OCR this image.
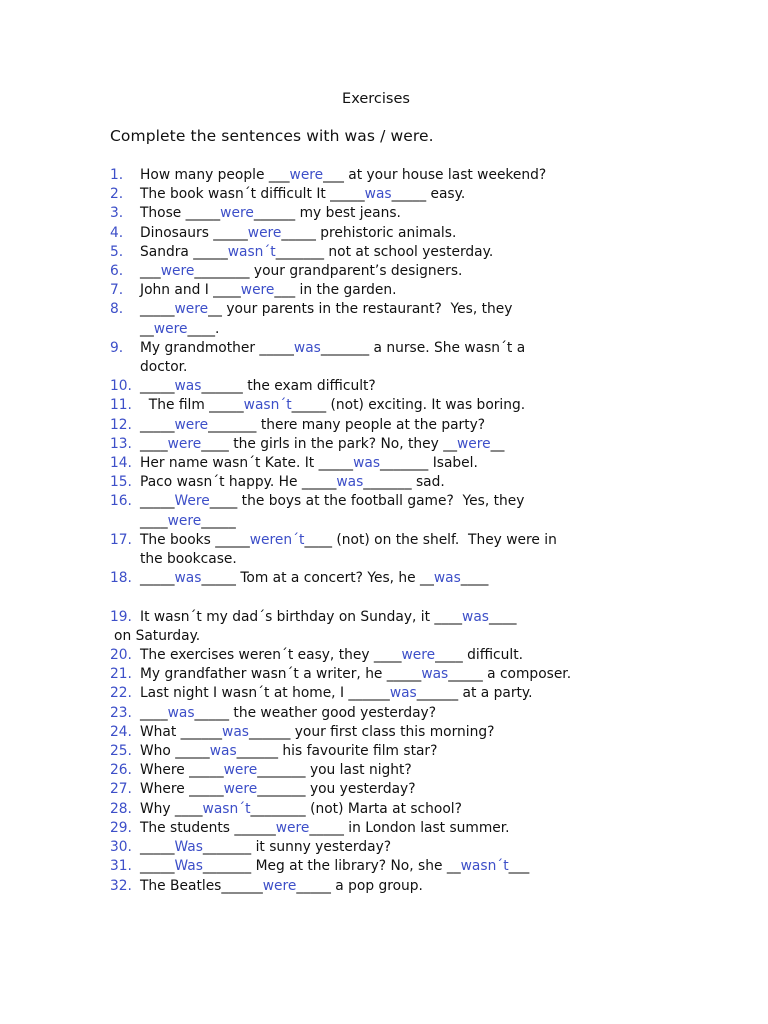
Exercises
Complete the sentences with was / were.
1.	How many people ___were___ at your house last weekend?
2.	The book wasn´t difficult It _____was_____ easy.
3.	Those _____were______ my best jeans.
4.	Dinosaurs _____were_____ prehistoric animals.
5.	Sandra _____wasn´t_______ not at school yesterday.
6.	___were________ your grandparent’s designers.
7.	John and I ____were___ in the garden.
8.	_____were__ your parents in the restaurant?  Yes, they
__were____.
9.	My grandmother _____was_______ a nurse. She wasn´t a
doctor.
10. _____was______ the exam difficult?
11. The film _____wasn´t_____ (not) exciting. It was boring.
12. _____were_______ there many people at the party?
13. ____were____ the girls in the park? No, they __were__
14. Her name wasn´t Kate. It _____was_______ Isabel.
15. Paco wasn´t happy. He _____was_______ sad.
16. _____Were____ the boys at the football game?  Yes, they
____were_____
17. The books _____weren´t____ (not) on the shelf.  They were in
the bookcase.
18. _____was_____ Tom at a concert? Yes, he __was____
19. It wasn´t my dad´s birthday on Sunday, it ____was____
on Saturday.
20. The exercises weren´t easy, they ____were____ difficult.
21. My grandfather wasn´t a writer, he _____was_____ a composer.
22. Last night I wasn´t at home, I ______was______ at a party.
23. ____was_____ the weather good yesterday?
24. What ______was______ your first class this morning?
25. Who _____was______ his favourite film star?
26. Where _____were_______ you last night?
27. Where _____were_______ you yesterday?
28. Why ____wasn´t________ (not) Marta at school?
29. The students ______were_____ in London last summer.
30. _____Was_______ it sunny yesterday?
31. _____Was_______ Meg at the library? No, she __wasn´t___
32. The Beatles______were_____ a pop group.
